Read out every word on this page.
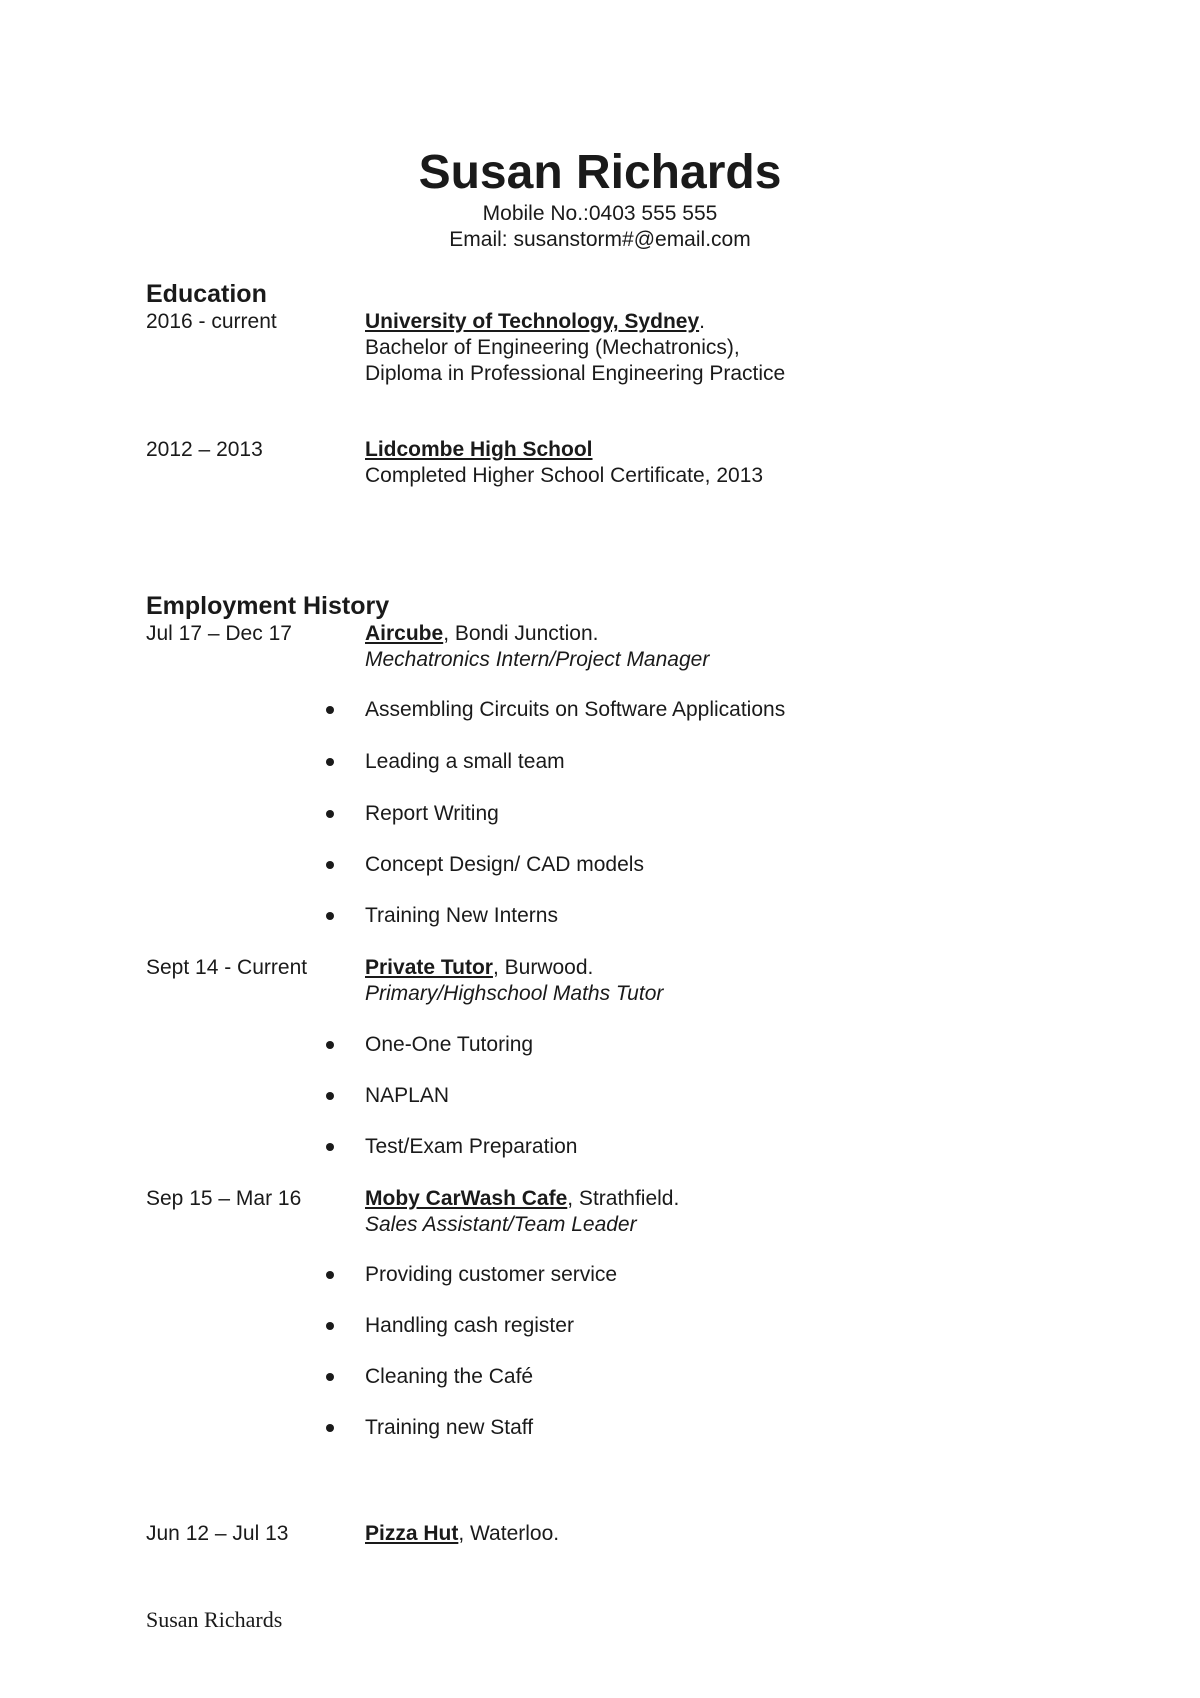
Susan Richards
Mobile No.:0403 555 555
Email: susanstorm#@email.com
Education
2016 - current	University of Technology, Sydney.
Bachelor of Engineering (Mechatronics),
Diploma in Professional Engineering Practice
2012 – 2013	Lidcombe High School
Completed Higher School Certificate, 2013
Employment History
Jul 17 – Dec 17	Aircube, Bondi Junction.
Mechatronics Intern/Project Manager
Assembling Circuits on Software Applications
Leading a small team
Report Writing
Concept Design/ CAD models
Training New Interns
Sept 14 - Current	Private Tutor, Burwood.
Primary/Highschool Maths Tutor
One-One Tutoring
NAPLAN
Test/Exam Preparation
Sep 15 – Mar 16	Moby CarWash Cafe, Strathfield.
Sales Assistant/Team Leader
Providing customer service
Handling cash register
Cleaning the Café
Training new Staff
Jun 12 – Jul 13	Pizza Hut, Waterloo.
Susan Richards
